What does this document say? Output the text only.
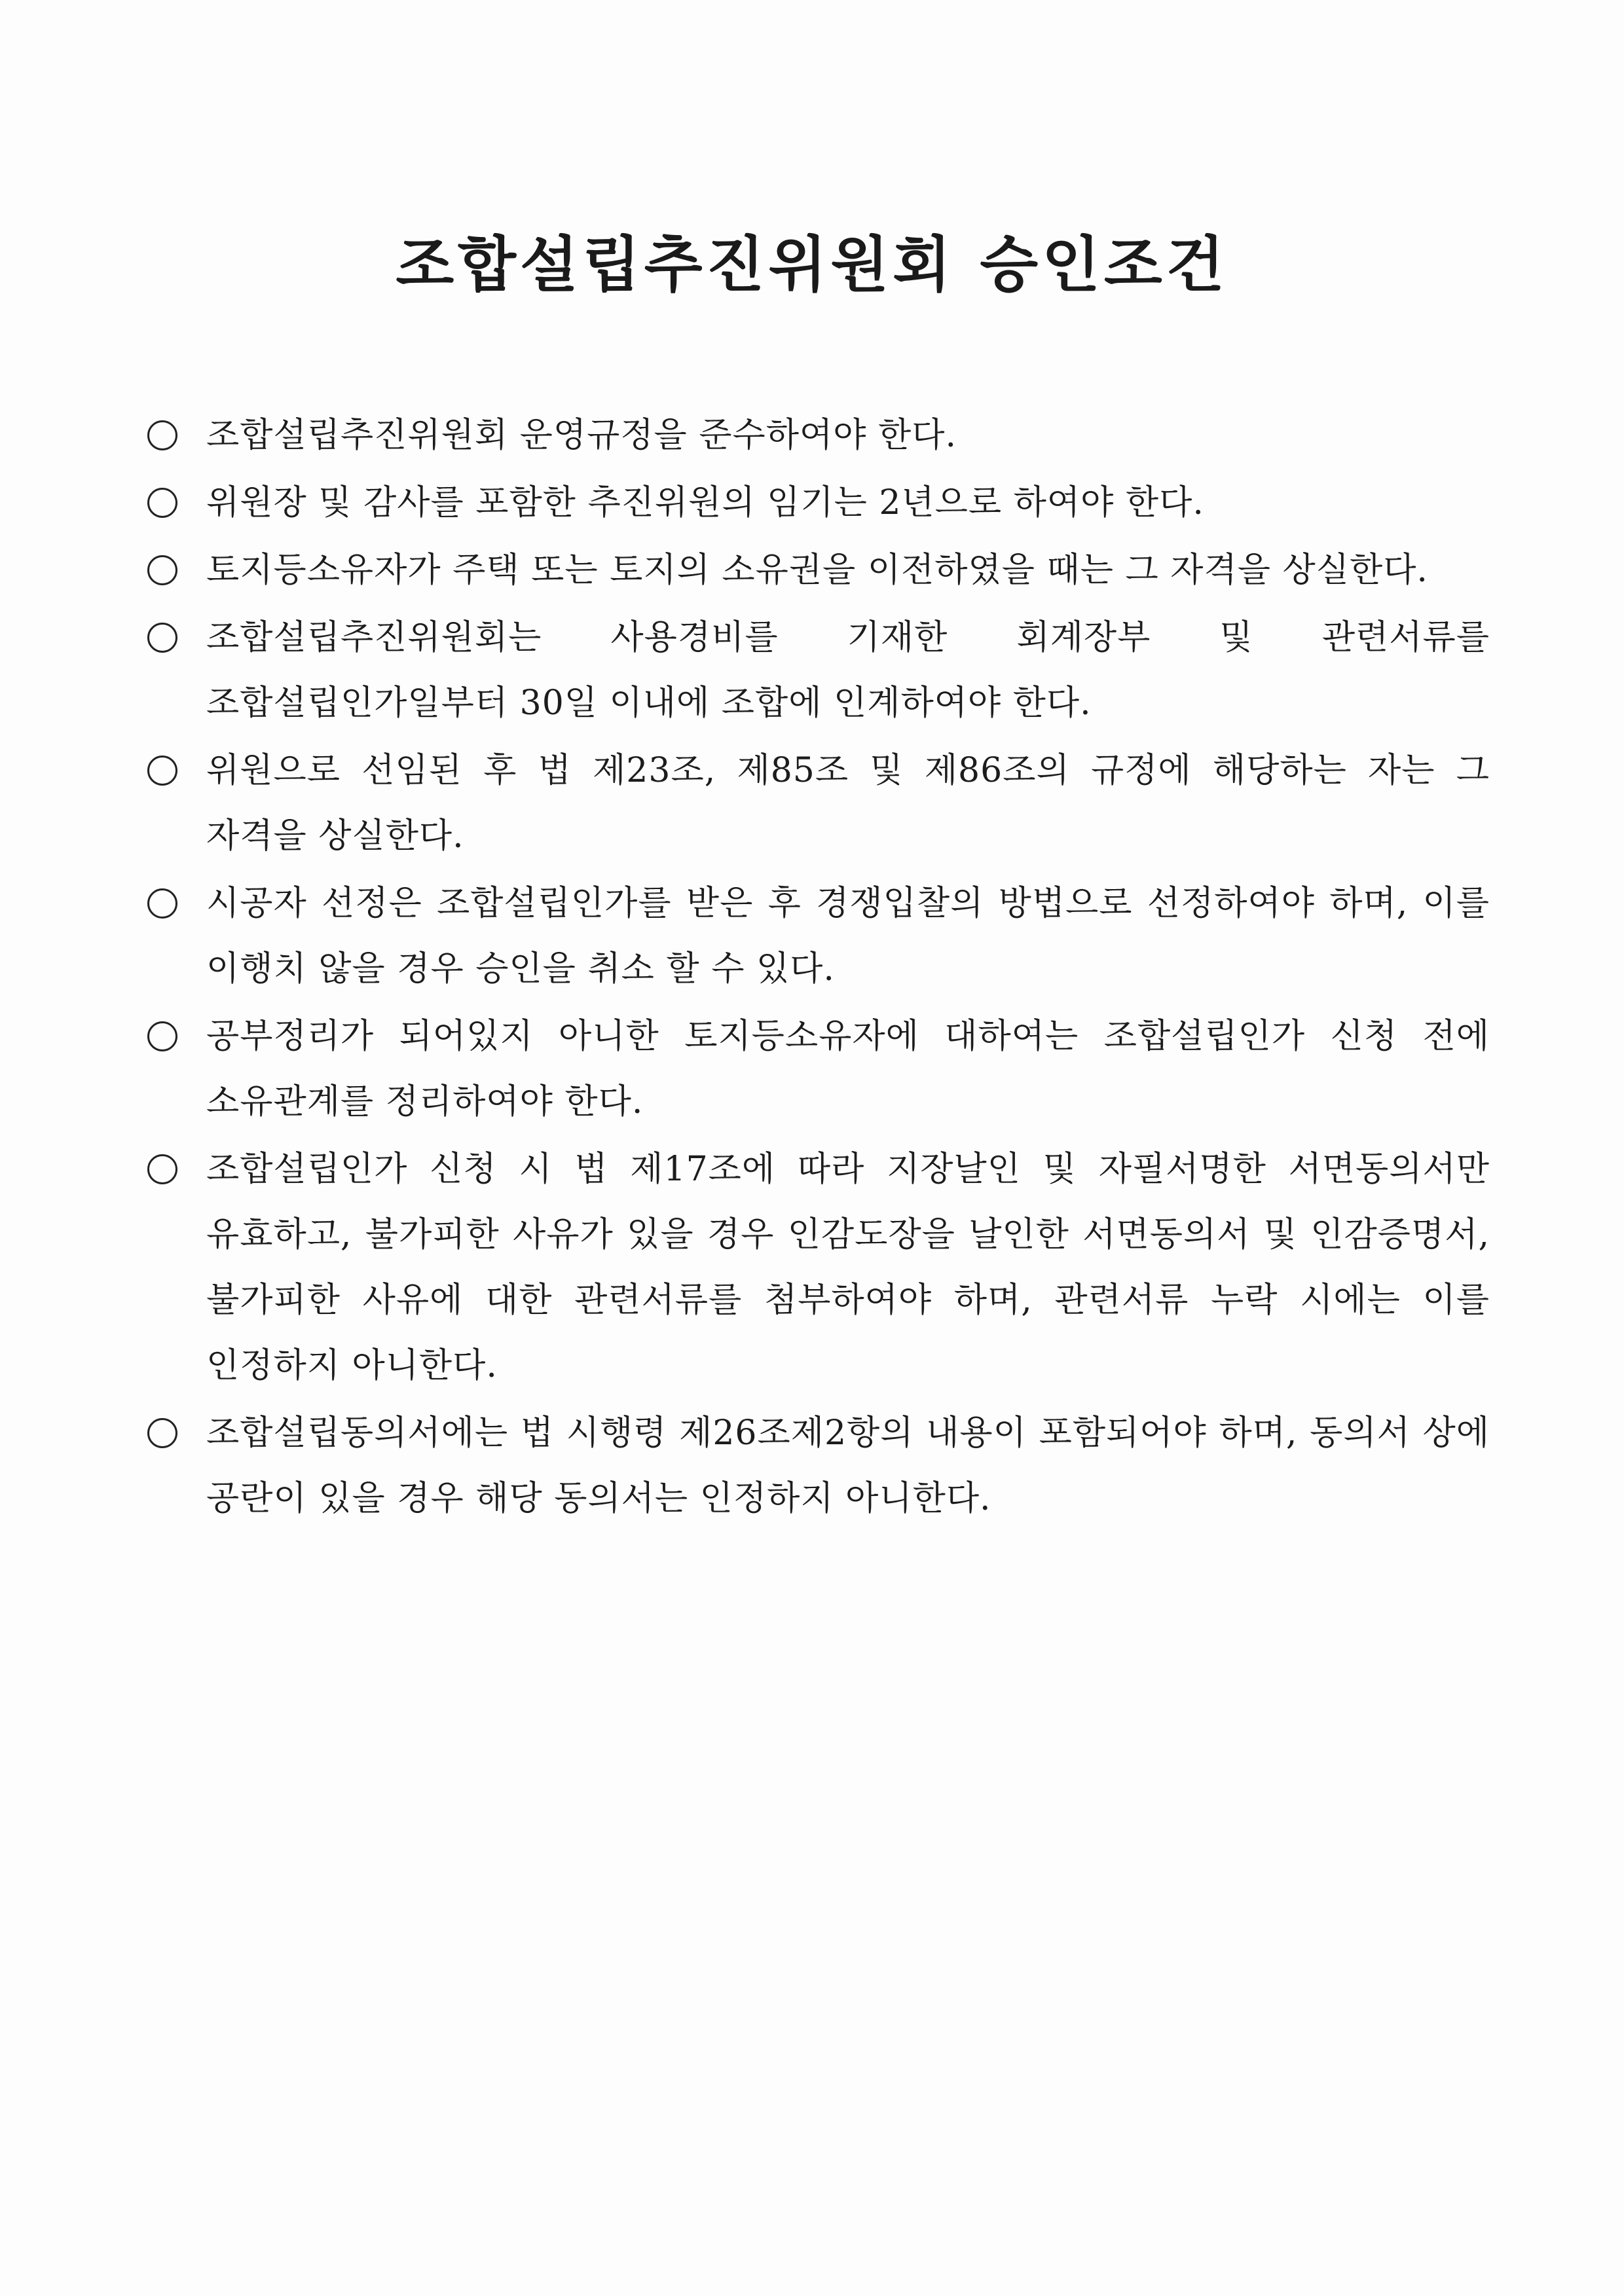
조합설립추진위원회 승인조건
조합설립추진위원회 운영규정을 준수하여야 한다.
위원장 및 감사를 포함한 추진위원의 임기는 2년으로 하여야 한다.
토지등소유자가 주택 또는 토지의 소유권을 이전하였을 때는 그 자격을 상실한다.
조합설립추진위원회는 사용경비를 기재한 회계장부 및 관련서류를 조합설립인가일부터 30일 이내에 조합에 인계하여야 한다.
위원으로 선임된 후 법 제23조, 제85조 및 제86조의 규정에 해당하는 자는 그 자격을 상실한다.
시공자 선정은 조합설립인가를 받은 후 경쟁입찰의 방법으로 선정하여야 하며, 이를 이행치 않을 경우 승인을 취소 할 수 있다.
공부정리가 되어있지 아니한 토지등소유자에 대하여는 조합설립인가 신청 전에 소유관계를 정리하여야 한다.
조합설립인가 신청 시 법 제17조에 따라 지장날인 및 자필서명한 서면동의서만 유효하고, 불가피한 사유가 있을 경우 인감도장을 날인한 서면동의서 및 인감증명서, 불가피한 사유에 대한 관련서류를 첨부하여야 하며, 관련서류 누락 시에는 이를 인정하지 아니한다.
조합설립동의서에는 법 시행령 제26조제2항의 내용이 포함되어야 하며, 동의서 상에 공란이 있을 경우 해당 동의서는 인정하지 아니한다.
